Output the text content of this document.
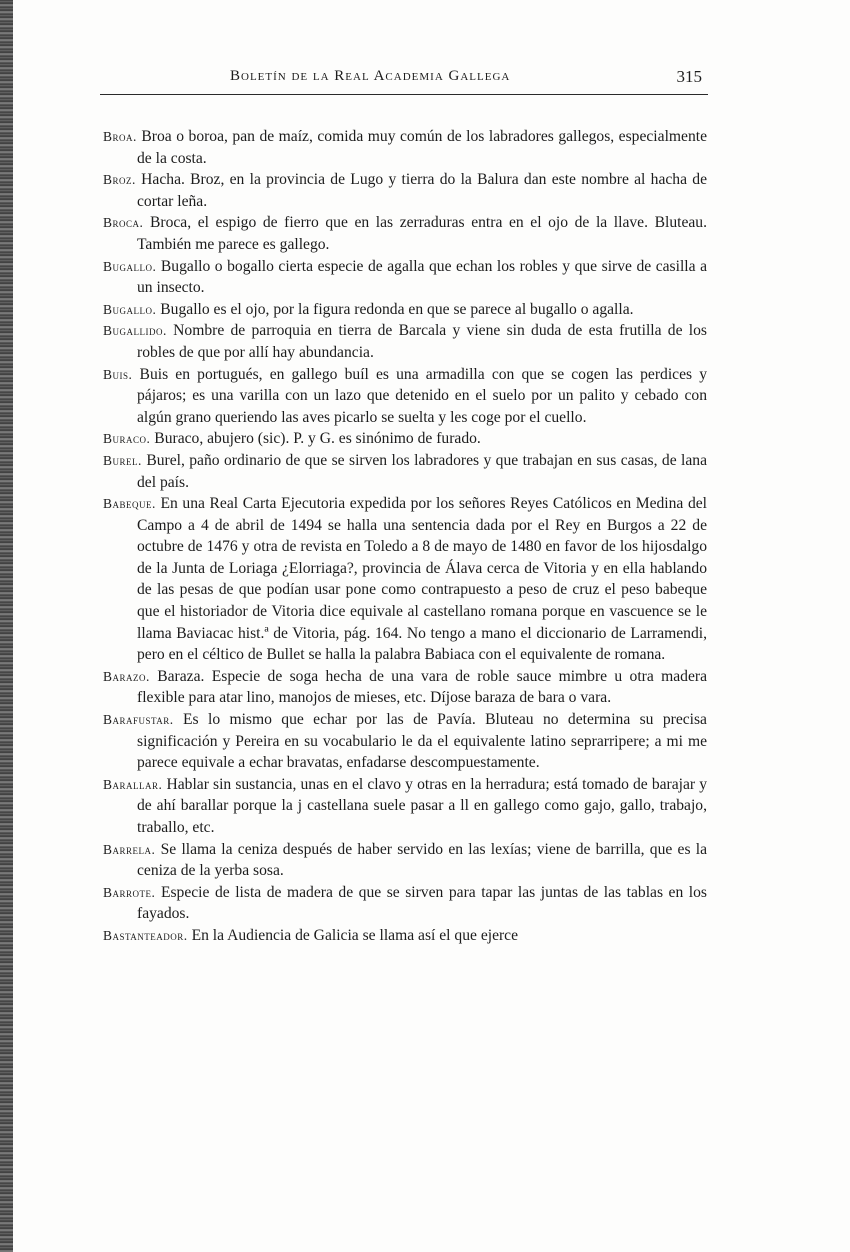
Boletín de la Real Academia Gallega	315

Broa. Broa o boroa, pan de maíz, comida muy común de los labradores gallegos, especialmente de la costa.

Broz. Hacha. Broz, en la provincia de Lugo y tierra do la Balura dan este nombre al hacha de cortar leña.

Broca. Broca, el espigo de fierro que en las zerraduras entra en el ojo de la llave. Bluteau. También me parece es gallego.

Bugallo. Bugallo o bogallo cierta especie de agalla que echan los robles y que sirve de casilla a un insecto.

Bugallo. Bugallo es el ojo, por la figura redonda en que se parece al bugallo o agalla.

Bugallido. Nombre de parroquia en tierra de Barcala y viene sin duda de esta frutilla de los robles de que por allí hay abundancia.

Buis. Buis en portugués, en gallego buíl es una armadilla con que se cogen las perdices y pájaros; es una varilla con un lazo que detenido en el suelo por un palito y cebado con algún grano queriendo las aves picarlo se suelta y les coge por el cuello.

Buraco. Buraco, abujero (sic). P. y G. es sinónimo de furado.

Burel. Burel, paño ordinario de que se sirven los labradores y que trabajan en sus casas, de lana del país.

Babeque. En una Real Carta Ejecutoria expedida por los señores Reyes Católicos en Medina del Campo a 4 de abril de 1494 se halla una sentencia dada por el Rey en Burgos a 22 de octubre de 1476 y otra de revista en Toledo a 8 de mayo de 1480 en favor de los hijosdalgo de la Junta de Loriaga ¿Elorriaga?, provincia de Álava cerca de Vitoria y en ella hablando de las pesas de que podían usar pone como contrapuesto a peso de cruz el peso babeque que el historiador de Vitoria dice equivale al castellano romana porque en vascuence se le llama Baviacac hist.ª de Vitoria, pág. 164. No tengo a mano el diccionario de Larramendi, pero en el céltico de Bullet se halla la palabra Babiaca con el equivalente de romana.

Barazo. Baraza. Especie de soga hecha de una vara de roble sauce mimbre u otra madera flexible para atar lino, manojos de mieses, etc. Díjose baraza de bara o vara.

Barafustar. Es lo mismo que echar por las de Pavía. Bluteau no determina su precisa significación y Pereira en su vocabulario le da el equivalente latino seprarripere; a mi me parece equivale a echar bravatas, enfadarse descompuestamente.

Barallar. Hablar sin sustancia, unas en el clavo y otras en la herradura; está tomado de barajar y de ahí barallar porque la j castellana suele pasar a ll en gallego como gajo, gallo, trabajo, traballo, etc.

Barrela. Se llama la ceniza después de haber servido en las lexías; viene de barrilla, que es la ceniza de la yerba sosa.

Barrote. Especie de lista de madera de que se sirven para tapar las juntas de las tablas en los fayados.

Bastanteador. En la Audiencia de Galicia se llama así el que ejerce
